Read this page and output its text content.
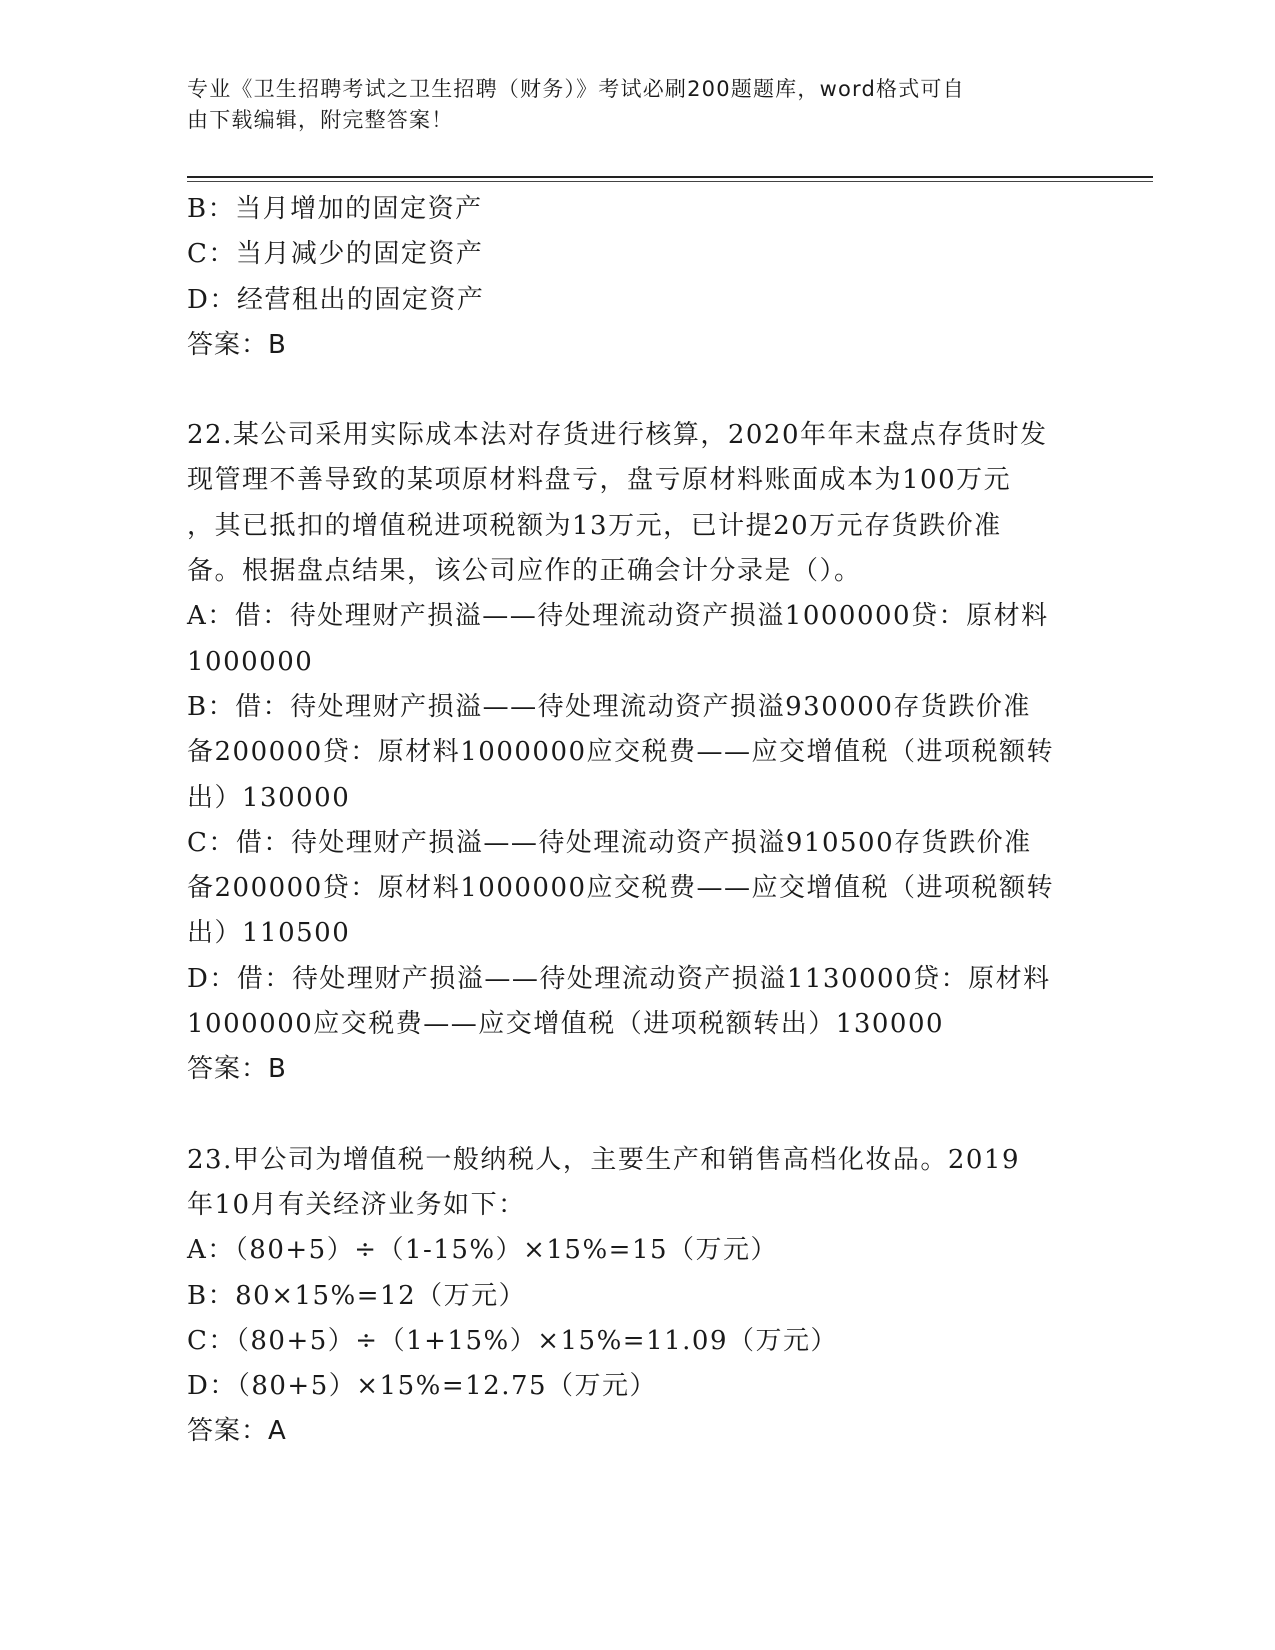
专业《卫生招聘考试之卫生招聘（财务）》考试必刷200题题库，word格式可自
由下载编辑，附完整答案！
B：当月增加的固定资产
C：当月减少的固定资产
D：经营租出的固定资产
答案：B
22.某公司采用实际成本法对存货进行核算，2020年年末盘点存货时发
现管理不善导致的某项原材料盘亏，盘亏原材料账面成本为100万元
，其已抵扣的增值税进项税额为13万元，已计提20万元存货跌价准
备。根据盘点结果，该公司应作的正确会计分录是（）。
A：借：待处理财产损溢——待处理流动资产损溢1000000贷：原材料
1000000
B：借：待处理财产损溢——待处理流动资产损溢930000存货跌价准
备200000贷：原材料1000000应交税费——应交增值税（进项税额转
出）130000
C：借：待处理财产损溢——待处理流动资产损溢910500存货跌价准
备200000贷：原材料1000000应交税费——应交增值税（进项税额转
出）110500
D：借：待处理财产损溢——待处理流动资产损溢1130000贷：原材料
1000000应交税费——应交增值税（进项税额转出）130000
答案：B
23.甲公司为增值税一般纳税人，主要生产和销售高档化妆品。2019
年10月有关经济业务如下：
A：（80+5）÷（1-15%）×15%=15（万元）
B：80×15%=12（万元）
C：（80+5）÷（1+15%）×15%=11.09（万元）
D：（80+5）×15%=12.75（万元）
答案：A
